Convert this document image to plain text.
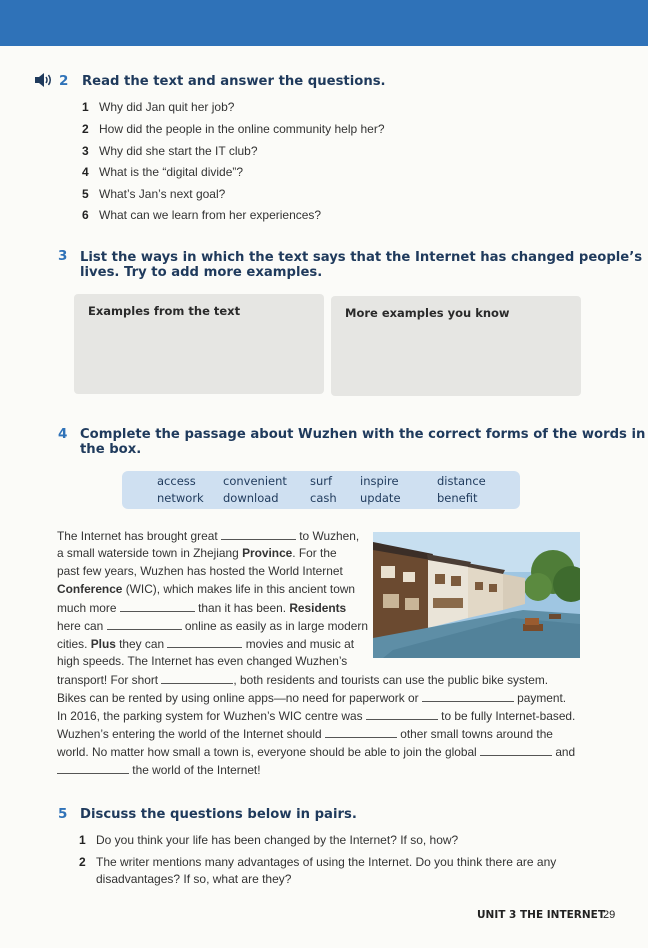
2 Read the text and answer the questions.
1 Why did Jan quit her job?
2 How did the people in the online community help her?
3 Why did she start the IT club?
4 What is the “digital divide”?
5 What’s Jan’s next goal?
6 What can we learn from her experiences?
3 List the ways in which the text says that the Internet has changed people’s
lives. Try to add more examples.
Examples from the text	More examples you know
4 Complete the passage about Wuzhen with the correct forms of the words in
the box.
access convenient surf inspire	distance
network download	cash update	benefit
The Internet has brought great	to Wuzhen,
a small waterside town in Zhejiang Province. For the
past few years, Wuzhen has hosted the World Internet
Conference (WIC), which makes life in this ancient town
much more	than it has been. Residents
here can	online as easily as in large modern
cities. Plus they can	movies and music at
high speeds. The Internet has even changed Wuzhen’s
transport! For short	, both residents and tourists can use the public bike system.
Bikes can be rented by using online apps—no need for paperwork or	payment.
In 2016, the parking system for Wuzhen’s WIC centre was	to be fully Internet-based.
Wuzhen’s entering the world of the Internet should	other small towns around the
world. No matter how small a town is, everyone should be able to join the global	and
the world of the Internet!
5 Discuss the questions below in pairs.
1 Do you think your life has been changed by the Internet? If so, how?
2 The writer mentions many advantages of using the Internet. Do you think there are any
disadvantages? If so, what are they?
UNIT 3 THE INTERNET
29
